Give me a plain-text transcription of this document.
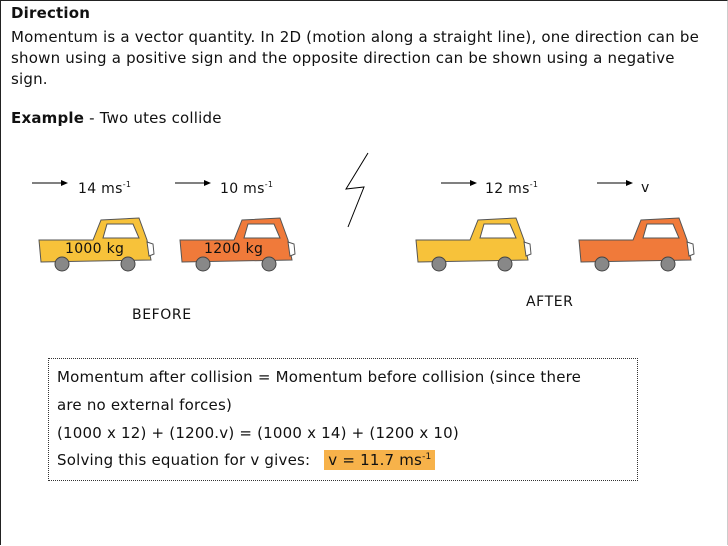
Direction
Momentum is a vector quantity. In 2D (motion along a straight line), one direction can be shown using a positive sign and the opposite direction can be shown using a negative sign.
Example - Two utes collide
14 $ms^{-1}$	10 $ms^{-1}$
1000 kg	1200 kg
BEFORE
12 $ms^{-1}$	v
AFTER
Momentum after collision = Momentum before collision (since there
are no external forces)
(1000 x 12) + (1200.v) = (1000 x 14) + (1200 x 10)
Solving this equation for v gives: v = 11.7 $ms^{-1}$
